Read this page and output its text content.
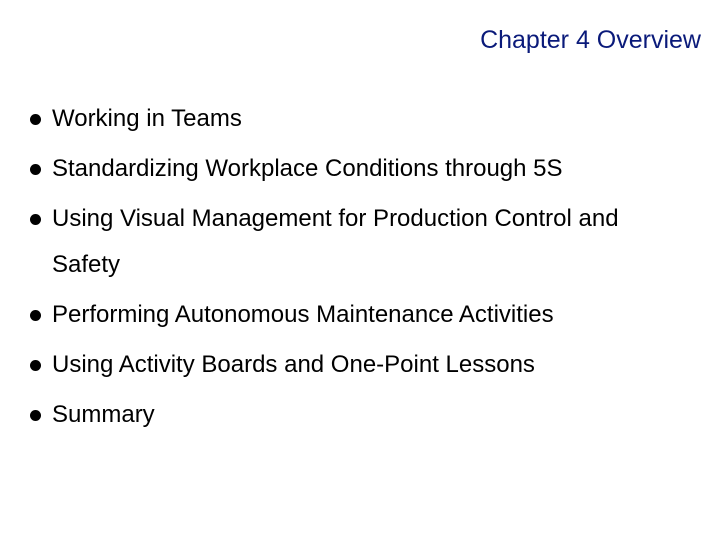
Chapter 4 Overview
Working in Teams
Standardizing Workplace Conditions through 5S
Using Visual Management for Production Control and Safety
Performing Autonomous Maintenance Activities
Using Activity Boards and One-Point Lessons
Summary
